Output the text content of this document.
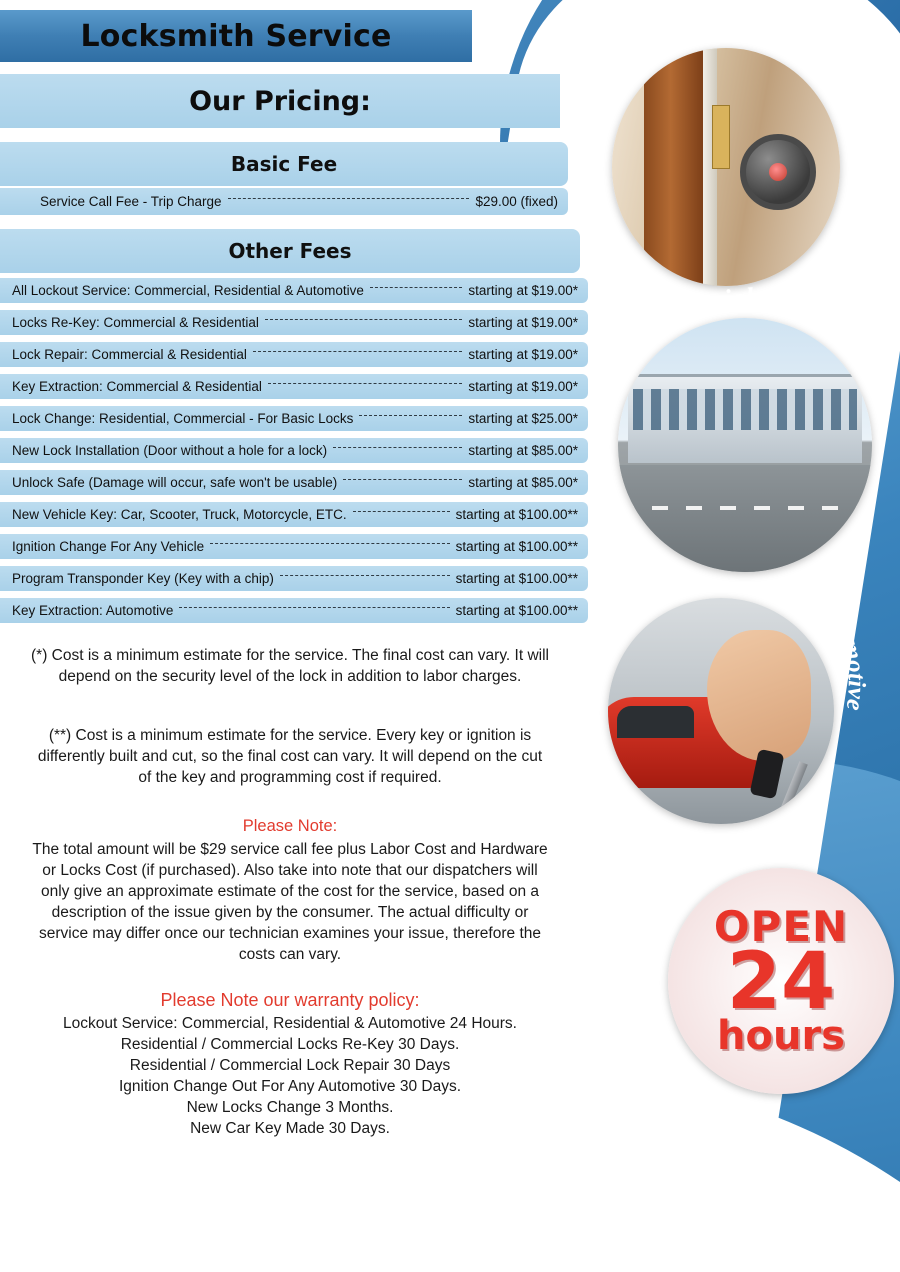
OPEN
24
hours
Residential
Commercial
Automotive
Emergency
Locksmith Service
Our Pricing:
Basic Fee
Service Call Fee - Trip Charge	$29.00 (fixed)
Other Fees
All Lockout Service: Commercial, Residential & Automotive	starting at $19.00*
Locks Re-Key: Commercial & Residential	starting at $19.00*
Lock Repair: Commercial & Residential	starting at $19.00*
Key Extraction: Commercial & Residential	starting at $19.00*
Lock Change: Residential, Commercial - For Basic Locks	starting at $25.00*
New Lock Installation (Door without a hole for a lock)	starting at $85.00*
Unlock Safe (Damage will occur, safe won't be usable)	starting at $85.00*
New Vehicle Key: Car, Scooter, Truck, Motorcycle, ETC.	starting at $100.00**
Ignition Change For Any Vehicle	starting at $100.00**
Program Transponder Key (Key with a chip)	starting at $100.00**
Key Extraction: Automotive	starting at $100.00**
(*) Cost is a minimum estimate for the service. The final cost can vary. It will depend on the security level of the lock in addition to labor charges.
(**) Cost is a minimum estimate for the service. Every key or ignition is differently built and cut, so the final cost can vary. It will depend on the cut of the key and programming cost if required.
Please Note:
The total amount will be $29 service call fee plus Labor Cost and Hardware or Locks Cost (if purchased). Also take into note that our dispatchers will only give an approximate estimate of the cost for the service, based on a description of the issue given by the consumer. The actual difficulty or service may differ once our technician examines your issue, therefore the costs can vary.
Please Note our warranty policy:
Lockout Service: Commercial, Residential & Automotive 24 Hours.
Residential / Commercial Locks Re-Key 30 Days.
Residential / Commercial Lock Repair 30 Days
Ignition Change Out For Any Automotive 30 Days.
New Locks Change 3 Months.
New Car Key Made 30 Days.
